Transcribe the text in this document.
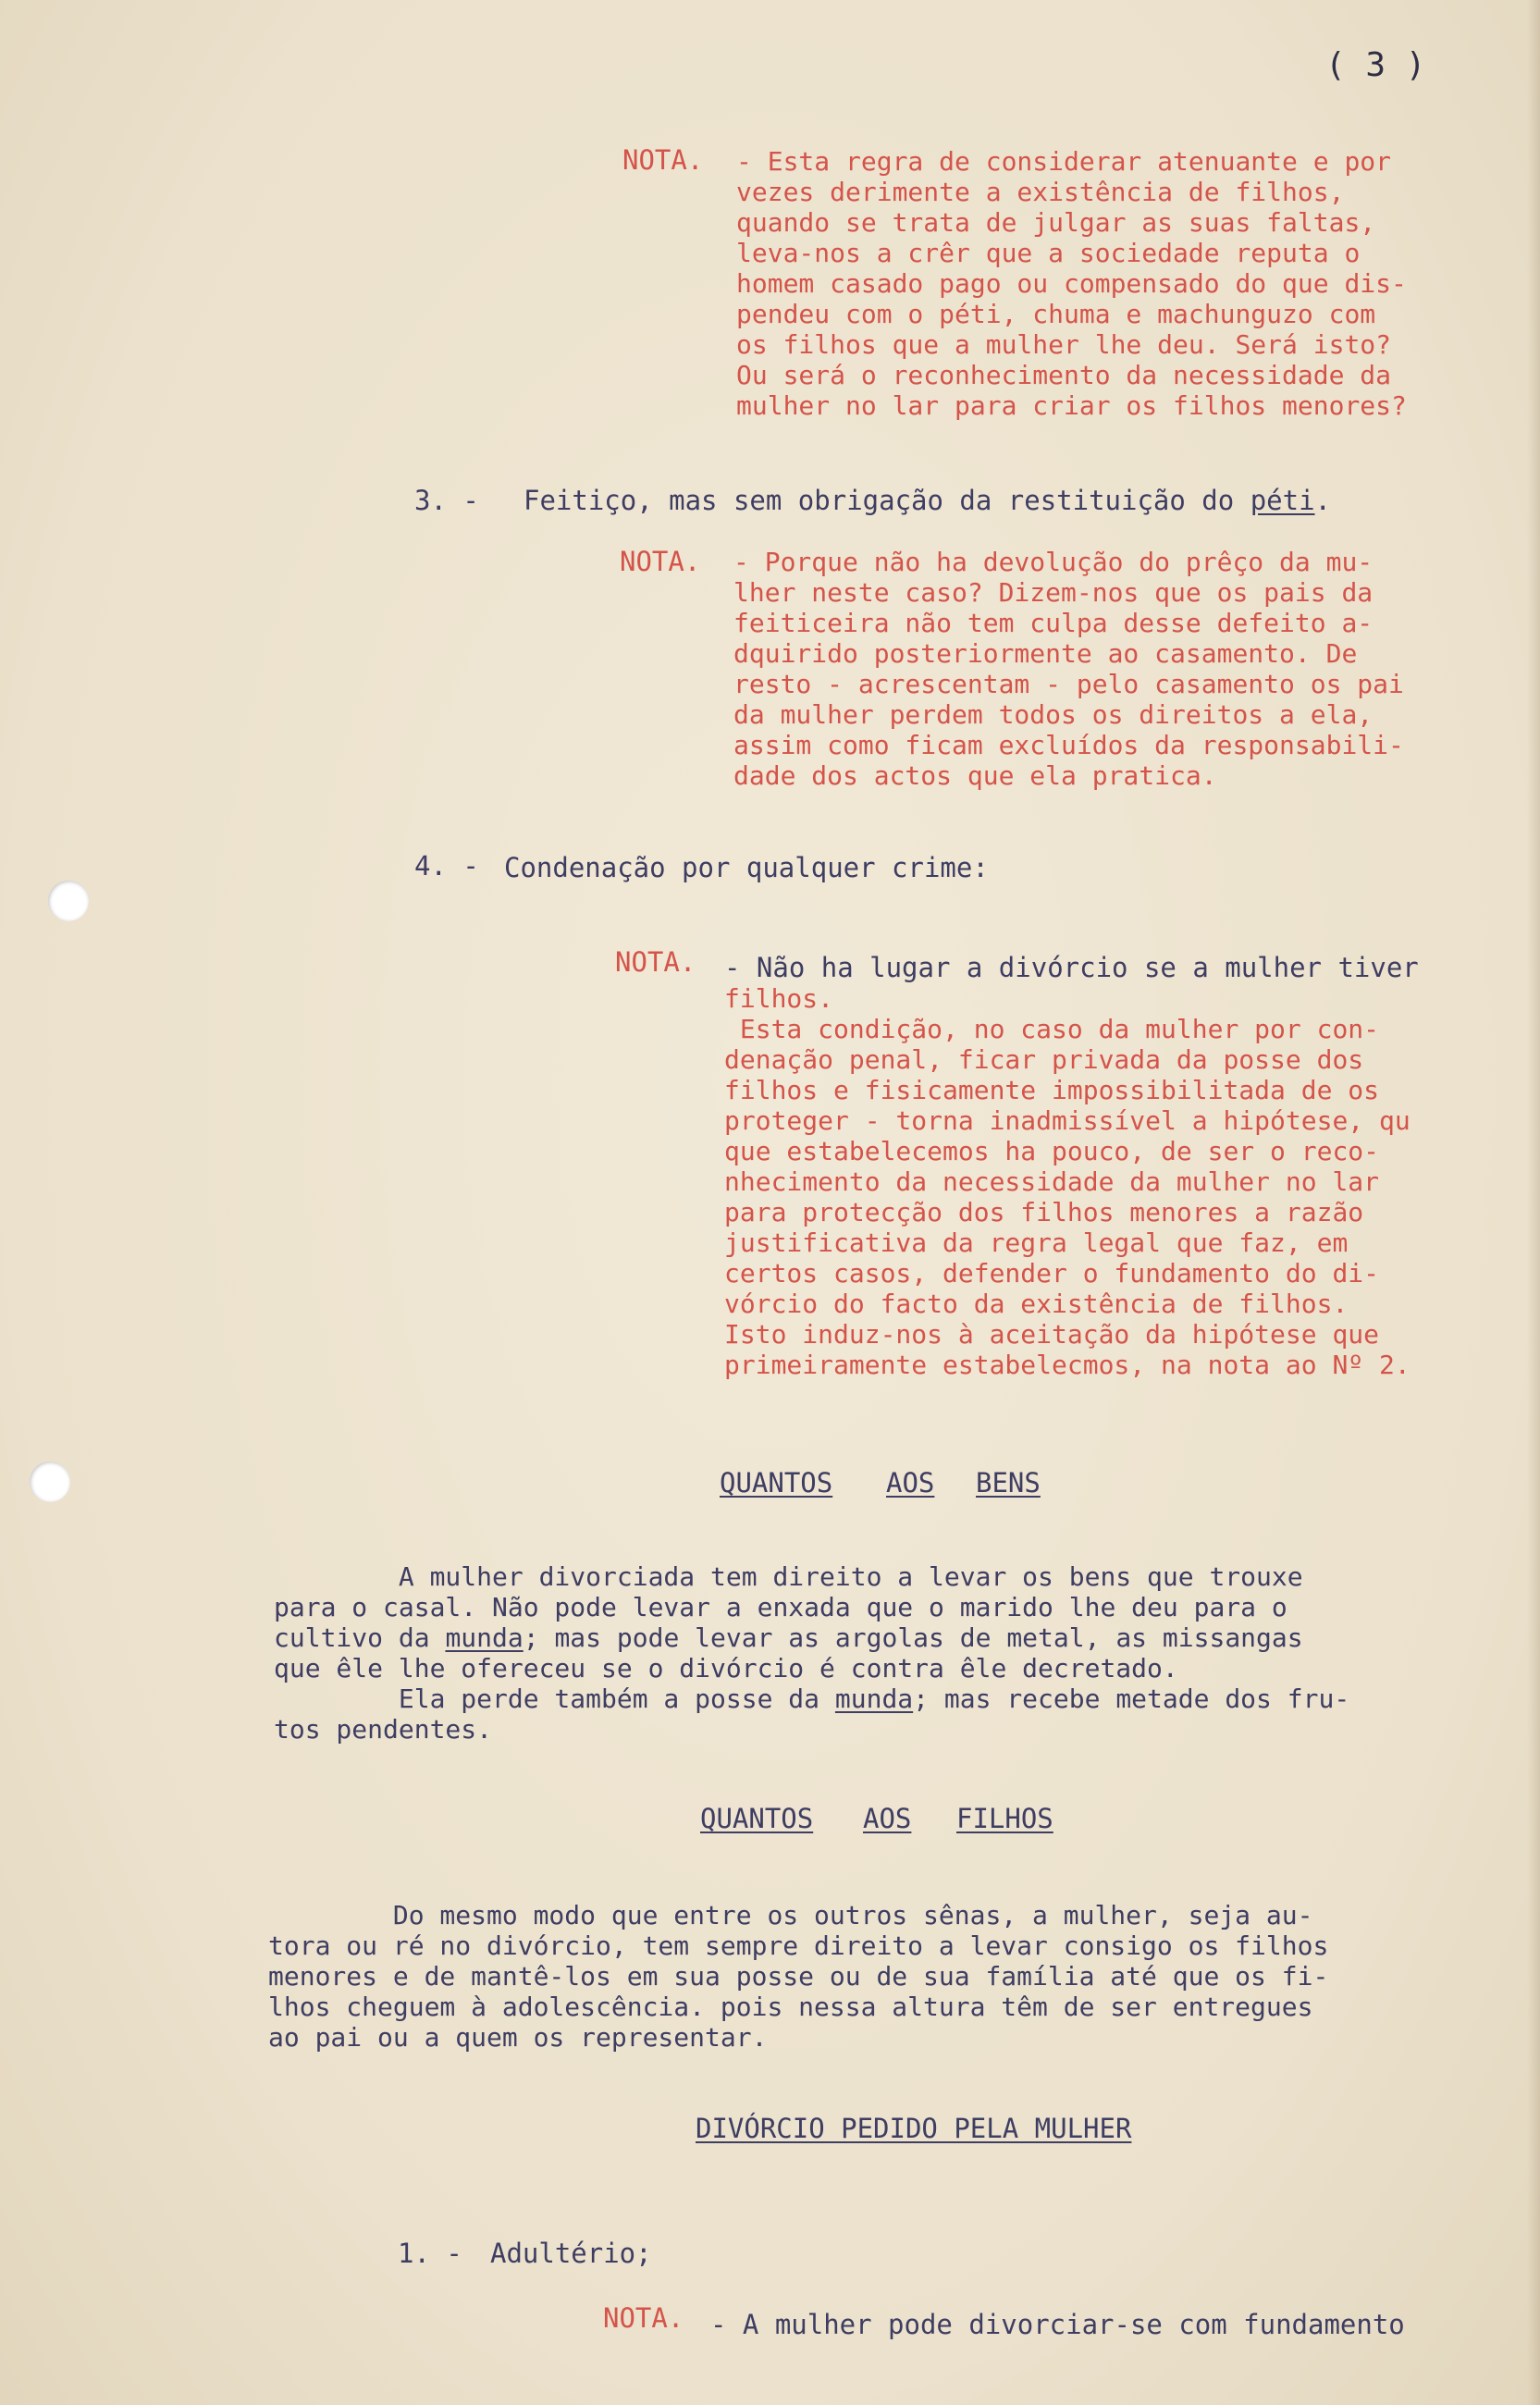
( 3 )
NOTA. - Esta regra de considerar atenuante e por
vezes derimente a existência de filhos,
quando se trata de julgar as suas faltas,
leva-nos a crêr que a sociedade reputa o
homem casado pago ou compensado do que dis-
pendeu com o péti, chuma e machunguzo com
os filhos que a mulher lhe deu. Será isto?
Ou será o reconhecimento da necessidade da
mulher no lar para criar os filhos menores?
3. - Feitiço, mas sem obrigação da restituição do péti.
NOTA. - Porque não ha devolução do prêço da mu-
lher neste caso? Dizem-nos que os pais da
feiticeira não tem culpa desse defeito a-
dquirido posteriormente ao casamento. De
resto - acrescentam - pelo casamento os pai
da mulher perdem todos os direitos a ela,
assim como ficam excluídos da responsabili-
dade dos actos que ela pratica.
4. - Condenação por qualquer crime:
NOTA. - Não ha lugar a divórcio se a mulher tiver
filhos.
Esta condição, no caso da mulher por con-
denação penal, ficar privada da posse dos
filhos e fisicamente impossibilitada de os
proteger - torna inadmissível a hipótese, qu
que estabelecemos ha pouco, de ser o reco-
nhecimento da necessidade da mulher no lar
para protecção dos filhos menores a razão
justificativa da regra legal que faz, em
certos casos, defender o fundamento do di-
vórcio do facto da existência de filhos.
Isto induz-nos à aceitação da hipótese que
primeiramente estabelecmos, na nota ao Nº 2.
QUANTOS AOS BENS
A mulher divorciada tem direito a levar os bens que trouxe
para o casal. Não pode levar a enxada que o marido lhe deu para o
cultivo da munda; mas pode levar as argolas de metal, as missangas
que êle lhe ofereceu se o divórcio é contra êle decretado.
Ela perde também a posse da munda; mas recebe metade dos fru-
tos pendentes.
QUANTOS AOS FILHOS
Do mesmo modo que entre os outros sênas, a mulher, seja au-
tora ou ré no divórcio, tem sempre direito a levar consigo os filhos
menores e de mantê-los em sua posse ou de sua família até que os fi-
lhos cheguem à adolescência. pois nessa altura têm de ser entregues
ao pai ou a quem os representar.
DIVÓRCIO PEDIDO PELA MULHER
1. - Adultério;
NOTA. - A mulher pode divorciar-se com fundamento
